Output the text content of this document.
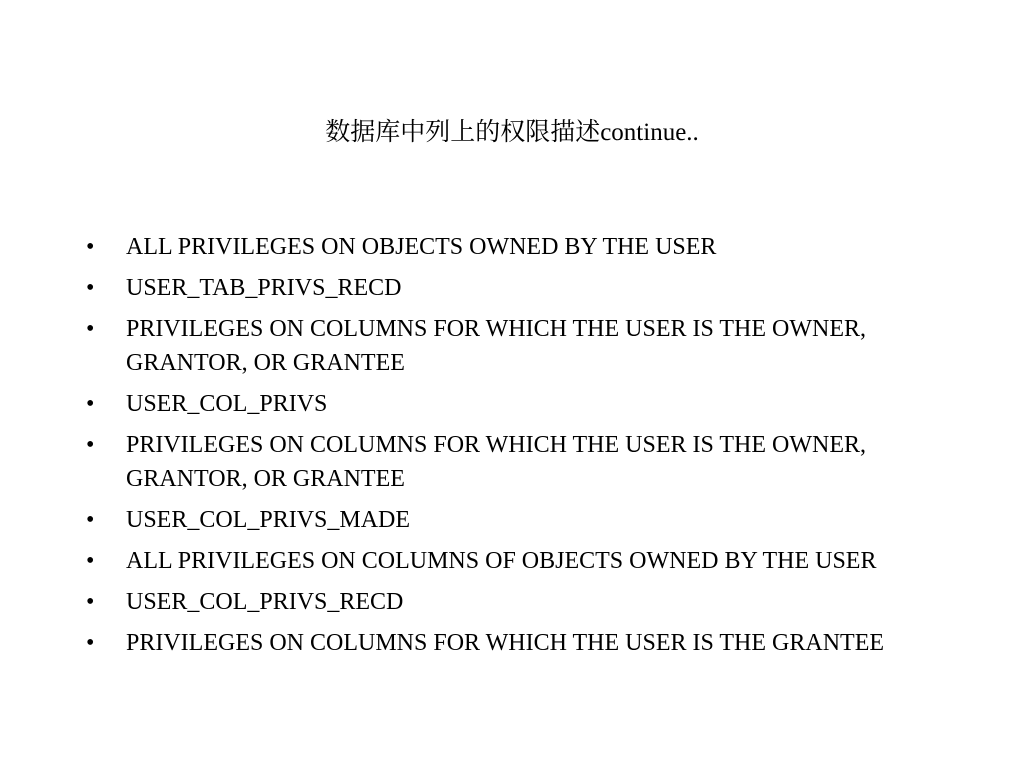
数据库中列上的权限描述continue..
•	ALL PRIVILEGES ON OBJECTS OWNED BY THE USER
•	USER_TAB_PRIVS_RECD
•	PRIVILEGES ON COLUMNS FOR WHICH THE USER IS THE OWNER, GRANTOR, OR GRANTEE
•	USER_COL_PRIVS
•	PRIVILEGES ON COLUMNS FOR WHICH THE USER IS THE OWNER, GRANTOR, OR GRANTEE
•	USER_COL_PRIVS_MADE
•	ALL PRIVILEGES ON COLUMNS OF OBJECTS OWNED BY THE USER
•	USER_COL_PRIVS_RECD
•	PRIVILEGES ON COLUMNS FOR WHICH THE USER IS THE GRANTEE
